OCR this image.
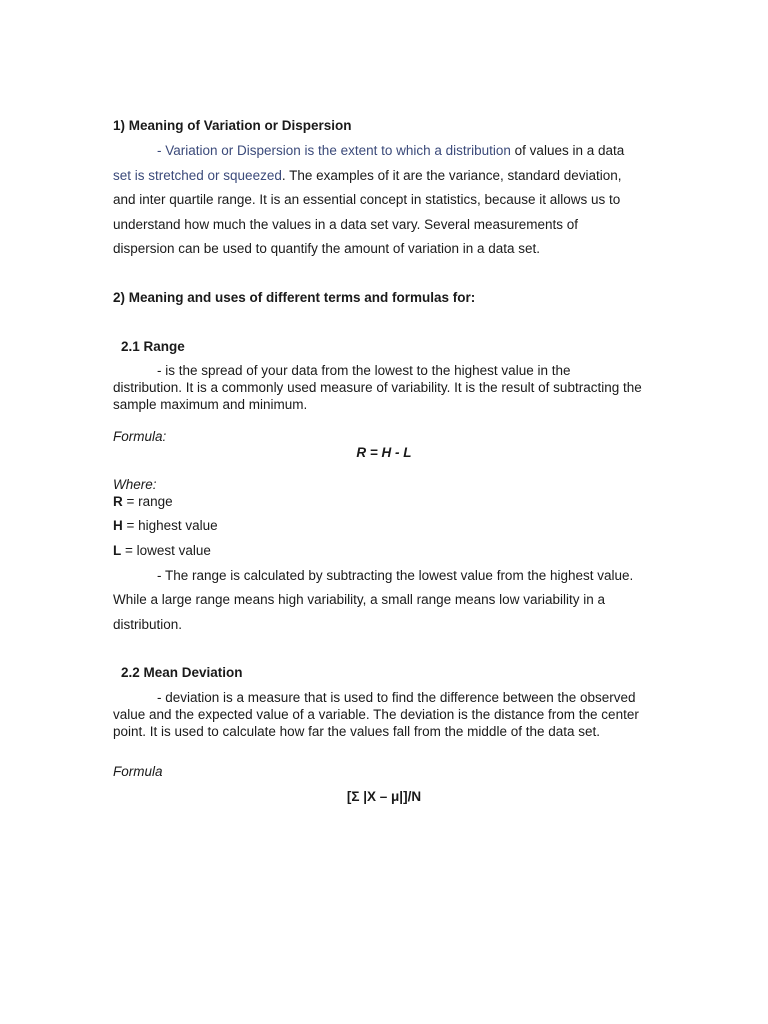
1) Meaning of Variation or Dispersion
- Variation or Dispersion is the extent to which a distribution of values in a data
set is stretched or squeezed. The examples of it are the variance, standard deviation,
and inter quartile range. It is an essential concept in statistics, because it allows us to
understand how much the values in a data set vary. Several measurements of
dispersion can be used to quantify the amount of variation in a data set.
2) Meaning and uses of different terms and formulas for:
2.1 Range
- is the spread of your data from the lowest to the highest value in the
distribution. It is a commonly used measure of variability. It is the result of subtracting the
sample maximum and minimum.
Formula:
R = H - L
Where:
R = range
H = highest value
L = lowest value
- The range is calculated by subtracting the lowest value from the highest value.
While a large range means high variability, a small range means low variability in a
distribution.
2.2 Mean Deviation
- deviation is a measure that is used to find the difference between the observed
value and the expected value of a variable. The deviation is the distance from the center
point. It is used to calculate how far the values fall from the middle of the data set.
Formula
[Σ |X – μ|]/N
